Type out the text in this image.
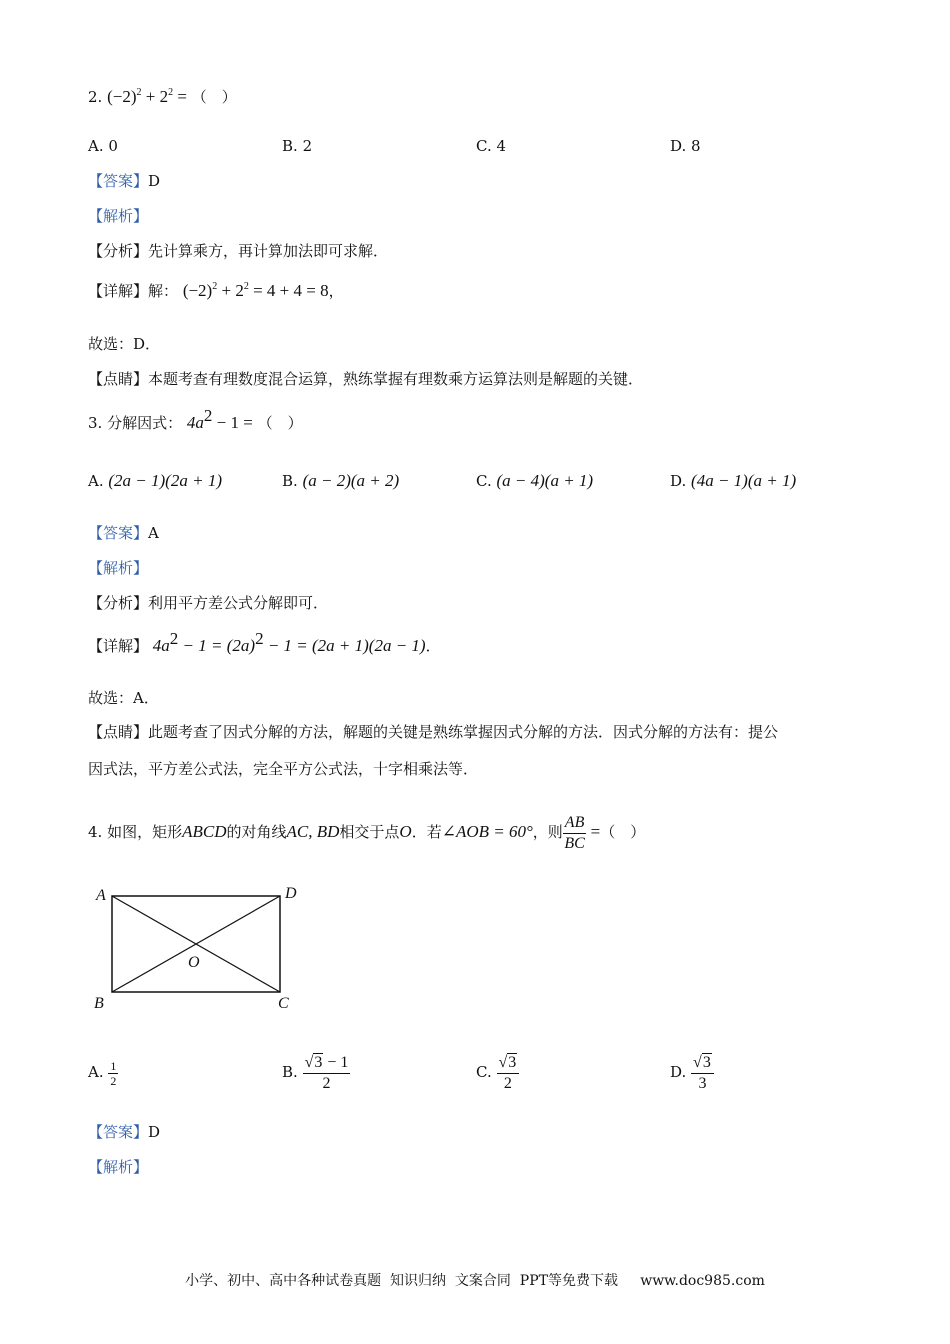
2. $(-2)^2 + 2^2$ = （　）
A. 0	B. 2	C. 4	D. 8
【答案】D
【解析】
【分析】先计算乘方，再计算加法即可求解．
【详解】解： $(-2)^2 + 2^2 = 4 + 4 = 8$，
故选：D．
【点睛】本题考查有理数度混合运算，熟练掌握有理数乘方运算法则是解题的关键．
3. 分解因式： $4a^2 - 1$ = （　）
A. (2a − 1)(2a + 1)	B. (a − 2)(a + 2)	C. (a − 4)(a + 1)	D. (4a − 1)(a + 1)
【答案】A
【解析】
【分析】利用平方差公式分解即可．
【详解】 $4a^2 - 1 = (2a)^2 - 1 = (2a + 1)(2a - 1)$．
故选：A．
【点睛】此题考查了因式分解的方法，解题的关键是熟练掌握因式分解的方法．因式分解的方法有：提公
因式法，平方差公式法，完全平方公式法，十字相乘法等．
4. 如图，矩形ABCD的对角线AC, BD相交于点O．若∠AOB = 60°，则 $\frac{AB}{BC}$ =（　）
A	D
B	C
O
A. $\frac{1}{2}$	B. $\frac{√3 - 1}{2}$	C. $\frac{√3}{2}$	D. $\frac{√3}{3}$
【答案】D
【解析】
小学、初中、高中各种试卷真题  知识归纳  文案合同  PPT等免费下载     www.doc985.com
